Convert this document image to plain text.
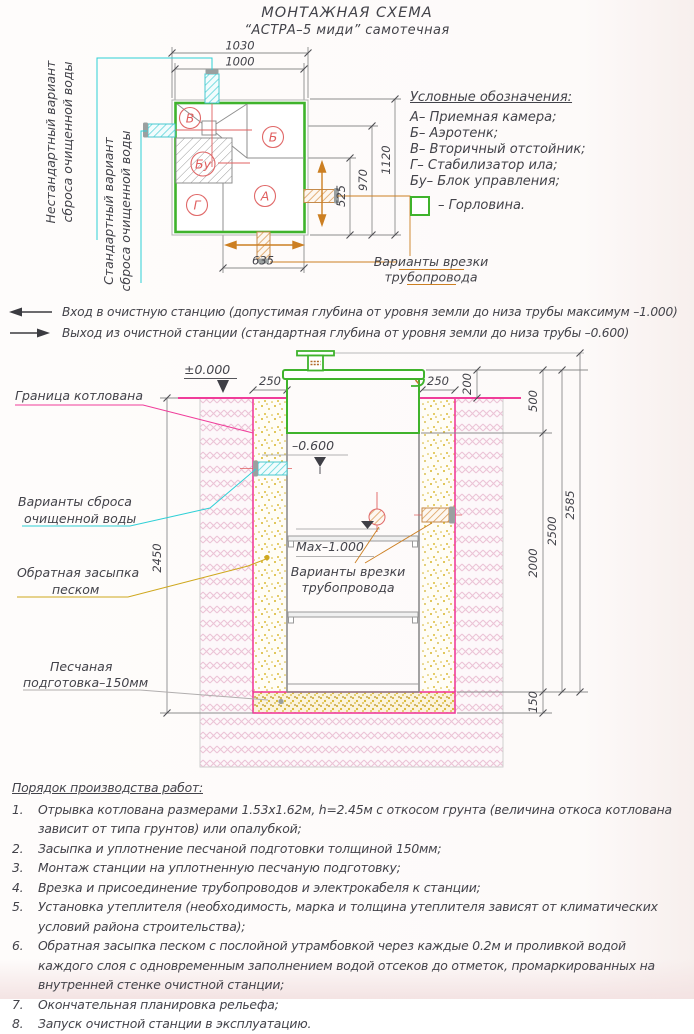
МОНТАЖНАЯ СХЕМА
“АСТРА–5 миди” самотечная
В
Б
Бу
Г
А
1030
1000
635
525
970
1120
Нестандартный вариант сброса очищенной воды Стандартный вариант сброса очищенной воды	Варианты врезки
трубопровода
±0.000
–0.600
Max–1.000
250	250 200
500
2000
2500
2585
150
2450
Граница котлована
Варианты сброса
очищенной воды
Обратная засыпка
песком
Песчаная
подготовка–150мм
Варианты врезки
трубопровода
Условные обозначения:
А– Приемная камера;
Б– Аэротенк;
В– Вторичный отстойник;
Г– Стабилизатор ила;
Бу– Блок управления;
– Горловина.
Вход в очистную станцию (допустимая глубина от уровня земли до низа трубы максимум –1.000)
Выход из очистной станции (стандартная глубина от уровня земли до низа трубы –0.600)
Порядок производства работ:
1.	Отрывка котлована размерами 1.53х1.62м, h=2.45м с откосом грунта (величина откоса котлована зависит от типа грунтов) или опалубкой;
2.	Засыпка и уплотнение песчаной подготовки толщиной 150мм;
3.	Монтаж станции на уплотненную песчаную подготовку;
4.	Врезка и присоединение трубопроводов и электрокабеля к станции;
5.	Установка утеплителя (необходимость, марка и толщина утеплителя зависят от климатических условий района строительства);
6.	Обратная засыпка песком с послойной утрамбовкой через каждые 0.2м и проливкой водой каждого слоя с одновременным заполнением водой отсеков до отметок, промаркированных на внутренней стенке очистной станции;
7.	Окончательная планировка рельефа;
8.	Запуск очистной станции в эксплуатацию.
